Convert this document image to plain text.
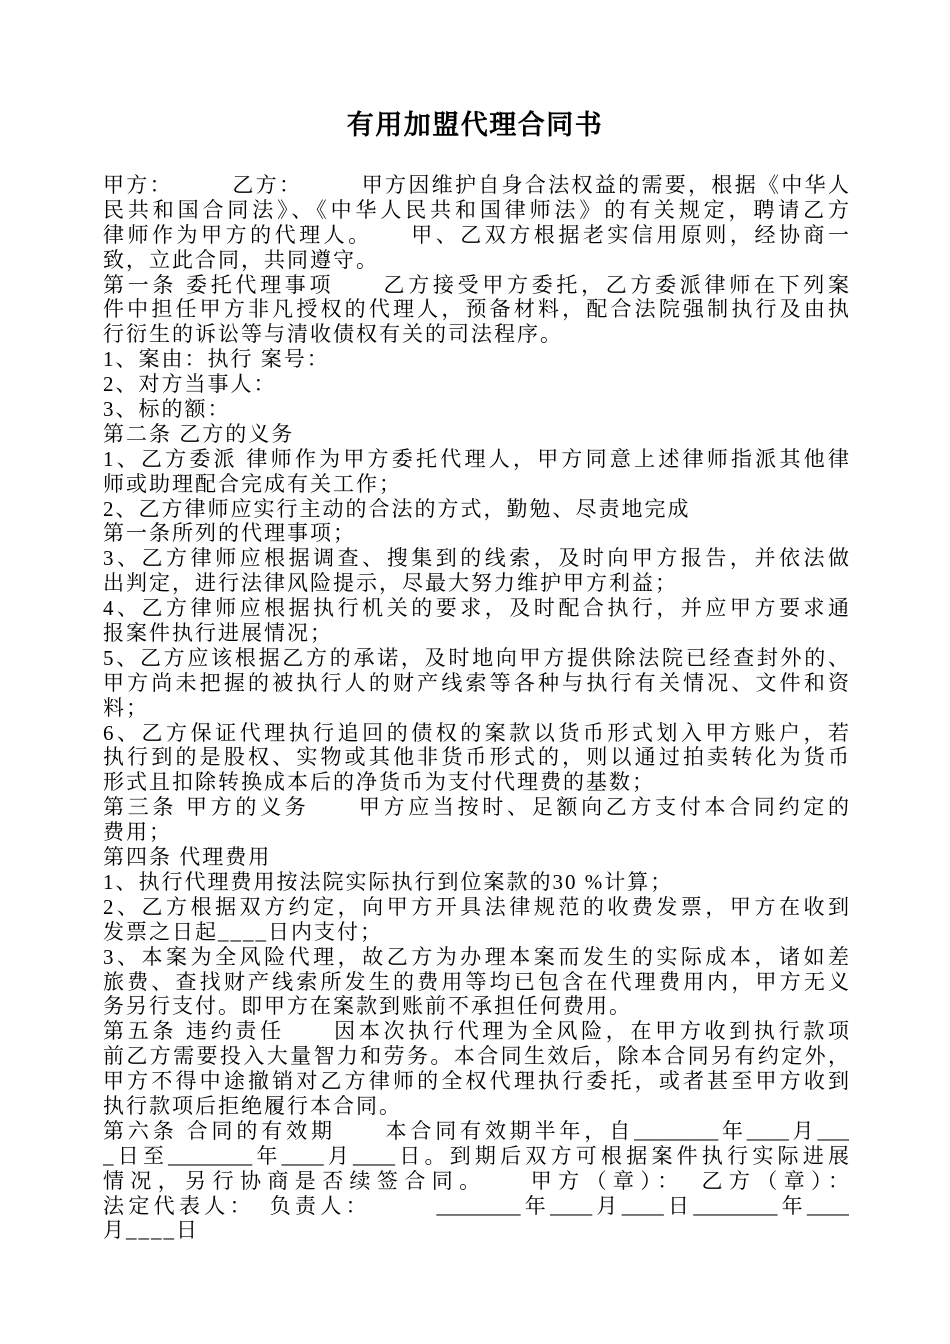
有用加盟代理合同书
甲方：　　　乙方：　　　甲方因维护自身合法权益的需要，根据《中华人
民共和国合同法》、《中华人民共和国律师法》的有关规定，聘请乙方
律师作为甲方的代理人。　　甲、乙双方根据老实信用原则，经协商一
致，立此合同，共同遵守。
第一条 委托代理事项　　乙方接受甲方委托，乙方委派律师在下列案
件中担任甲方非凡授权的代理人，预备材料，配合法院强制执行及由执
行衍生的诉讼等与清收债权有关的司法程序。
1、案由：执行 案号：
2、对方当事人：
3、标的额：
第二条 乙方的义务
1、乙方委派 律师作为甲方委托代理人，甲方同意上述律师指派其他律
师或助理配合完成有关工作；
2、乙方律师应实行主动的合法的方式，勤勉、尽责地完成
第一条所列的代理事项；
3、乙方律师应根据调查、搜集到的线索，及时向甲方报告，并依法做
出判定，进行法律风险提示，尽最大努力维护甲方利益；
4、乙方律师应根据执行机关的要求，及时配合执行，并应甲方要求通
报案件执行进展情况；
5、乙方应该根据乙方的承诺，及时地向甲方提供除法院已经查封外的、
甲方尚未把握的被执行人的财产线索等各种与执行有关情况、文件和资
料；
6、乙方保证代理执行追回的债权的案款以货币形式划入甲方账户，若
执行到的是股权、实物或其他非货币形式的，则以通过拍卖转化为货币
形式且扣除转换成本后的净货币为支付代理费的基数；
第三条 甲方的义务　　甲方应当按时、足额向乙方支付本合同约定的
费用；
第四条 代理费用
1、执行代理费用按法院实际执行到位案款的30 %计算；
2、乙方根据双方约定，向甲方开具法律规范的收费发票，甲方在收到
发票之日起____日内支付；
3、本案为全风险代理，故乙方为办理本案而发生的实际成本，诸如差
旅费、查找财产线索所发生的费用等均已包含在代理费用内，甲方无义
务另行支付。即甲方在案款到账前不承担任何费用。
第五条 违约责任　　因本次执行代理为全风险，在甲方收到执行款项
前乙方需要投入大量智力和劳务。本合同生效后，除本合同另有约定外，
甲方不得中途撤销对乙方律师的全权代理执行委托，或者甚至甲方收到
执行款项后拒绝履行本合同。
第六条 合同的有效期　　本合同有效期半年，自________年____月___
_日至________年____月____日。到期后双方可根据案件执行实际进展
情况，另行协商是否续签合同。　　甲方（章）：　乙方（章）：
法定代表人：　负责人：　　　________年____月____日________年____
月____日
